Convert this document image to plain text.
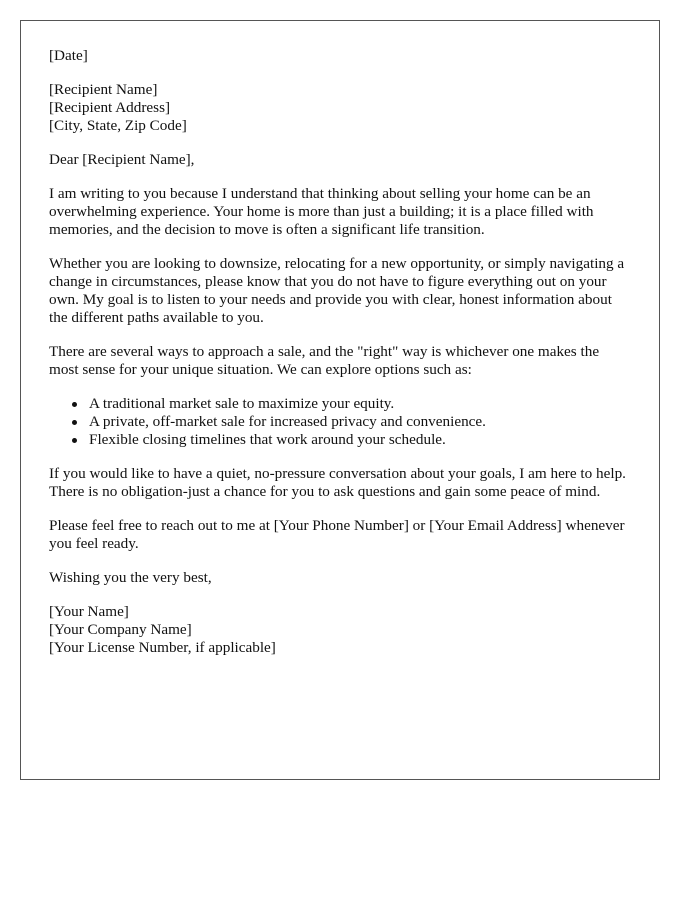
[Date]

[Recipient Name]
[Recipient Address]
[City, State, Zip Code]

Dear [Recipient Name],

I am writing to you because I understand that thinking about selling your home can be an overwhelming experience. Your home is more than just a building; it is a place filled with memories, and the decision to move is often a significant life transition.

Whether you are looking to downsize, relocating for a new opportunity, or simply navigating a change in circumstances, please know that you do not have to figure everything out on your own. My goal is to listen to your needs and provide you with clear, honest information about the different paths available to you.

There are several ways to approach a sale, and the "right" way is whichever one makes the most sense for your unique situation. We can explore options such as:

A traditional market sale to maximize your equity.
A private, off-market sale for increased privacy and convenience.
Flexible closing timelines that work around your schedule.

If you would like to have a quiet, no-pressure conversation about your goals, I am here to help. There is no obligation-just a chance for you to ask questions and gain some peace of mind.

Please feel free to reach out to me at [Your Phone Number] or [Your Email Address] whenever you feel ready.

Wishing you the very best,

[Your Name]
[Your Company Name]
[Your License Number, if applicable]
